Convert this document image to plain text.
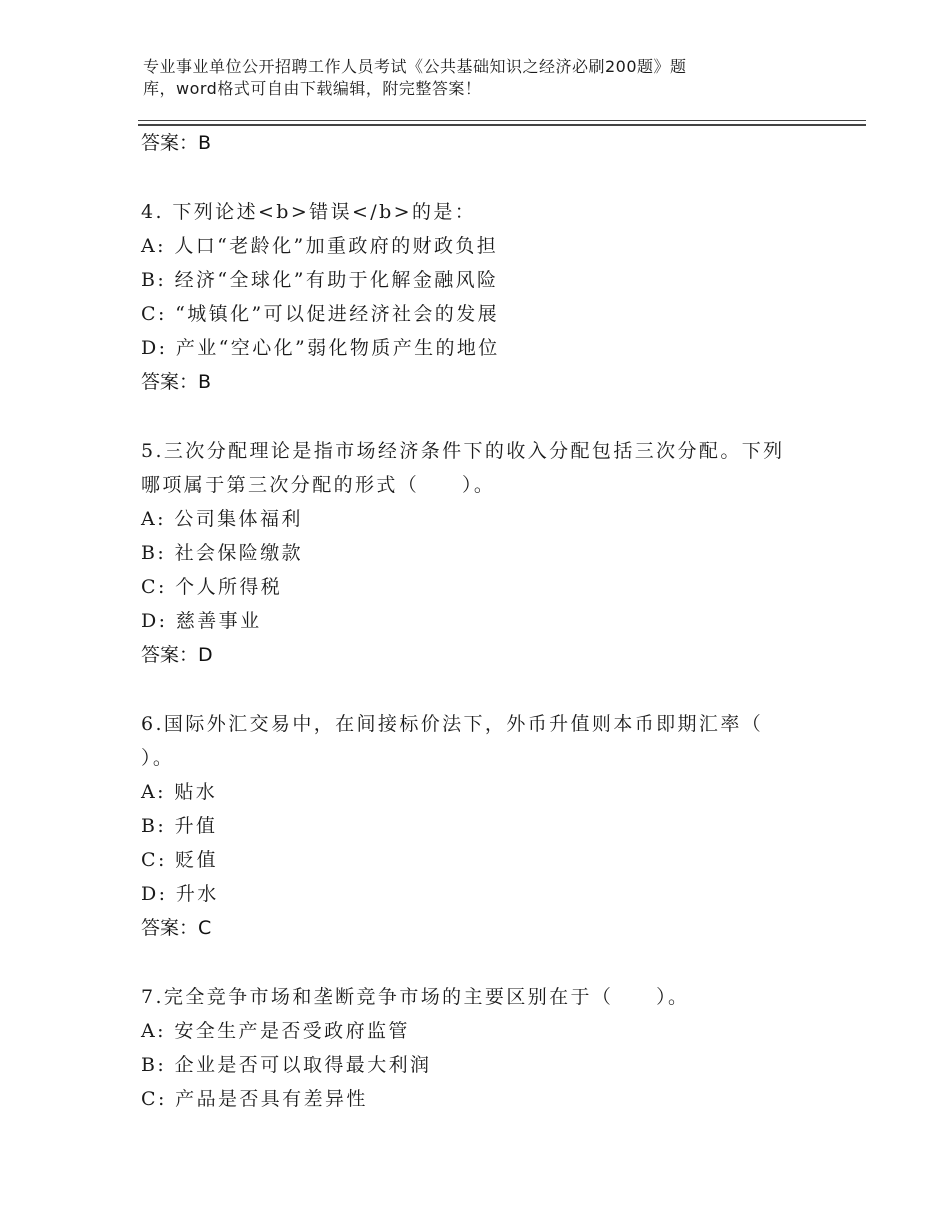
专业事业单位公开招聘工作人员考试《公共基础知识之经济必刷200题》题
库，word格式可自由下载编辑，附完整答案！
答案：B
4. 下列论述<b>错误</b>的是：
A: 人口“老龄化”加重政府的财政负担
B: 经济“全球化”有助于化解金融风险
C: “城镇化”可以促进经济社会的发展
D: 产业“空心化”弱化物质产生的地位
答案：B
5.三次分配理论是指市场经济条件下的收入分配包括三次分配。下列
哪项属于第三次分配的形式（　　）。
A: 公司集体福利
B: 社会保险缴款
C: 个人所得税
D: 慈善事业
答案：D
6.国际外汇交易中，在间接标价法下，外币升值则本币即期汇率（
）。
A: 贴水
B: 升值
C: 贬值
D: 升水
答案：C
7.完全竞争市场和垄断竞争市场的主要区别在于（　　）。
A: 安全生产是否受政府监管
B: 企业是否可以取得最大利润
C: 产品是否具有差异性
